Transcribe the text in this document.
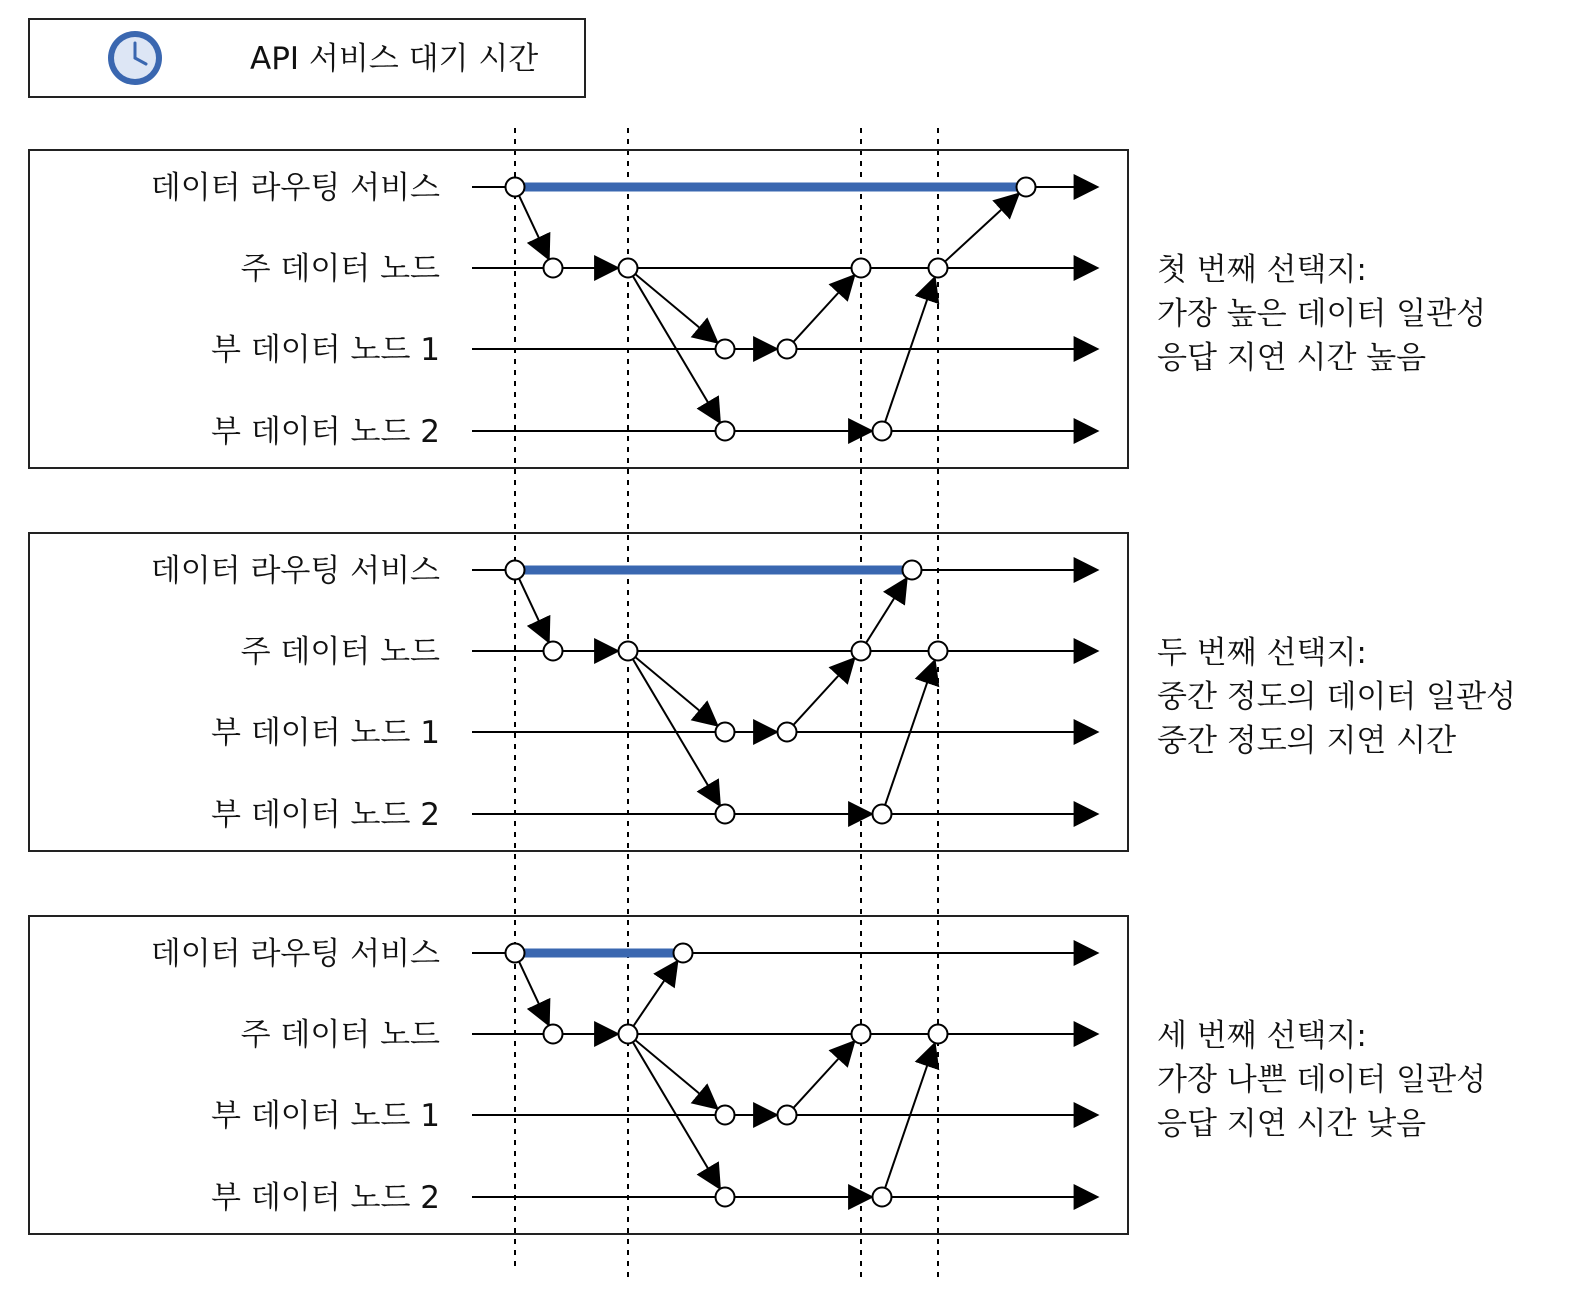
API 서비스 대기 시간
데이터 라우팅 서비스
주 데이터 노드
부 데이터 노드 1
부 데이터 노드 2
첫 번째 선택지:
가장 높은 데이터 일관성
응답 지연 시간 높음
데이터 라우팅 서비스
주 데이터 노드
부 데이터 노드 1
부 데이터 노드 2
두 번째 선택지:
중간 정도의 데이터 일관성
중간 정도의 지연 시간
데이터 라우팅 서비스
주 데이터 노드
부 데이터 노드 1
부 데이터 노드 2
세 번째 선택지:
가장 나쁜 데이터 일관성
응답 지연 시간 낮음
